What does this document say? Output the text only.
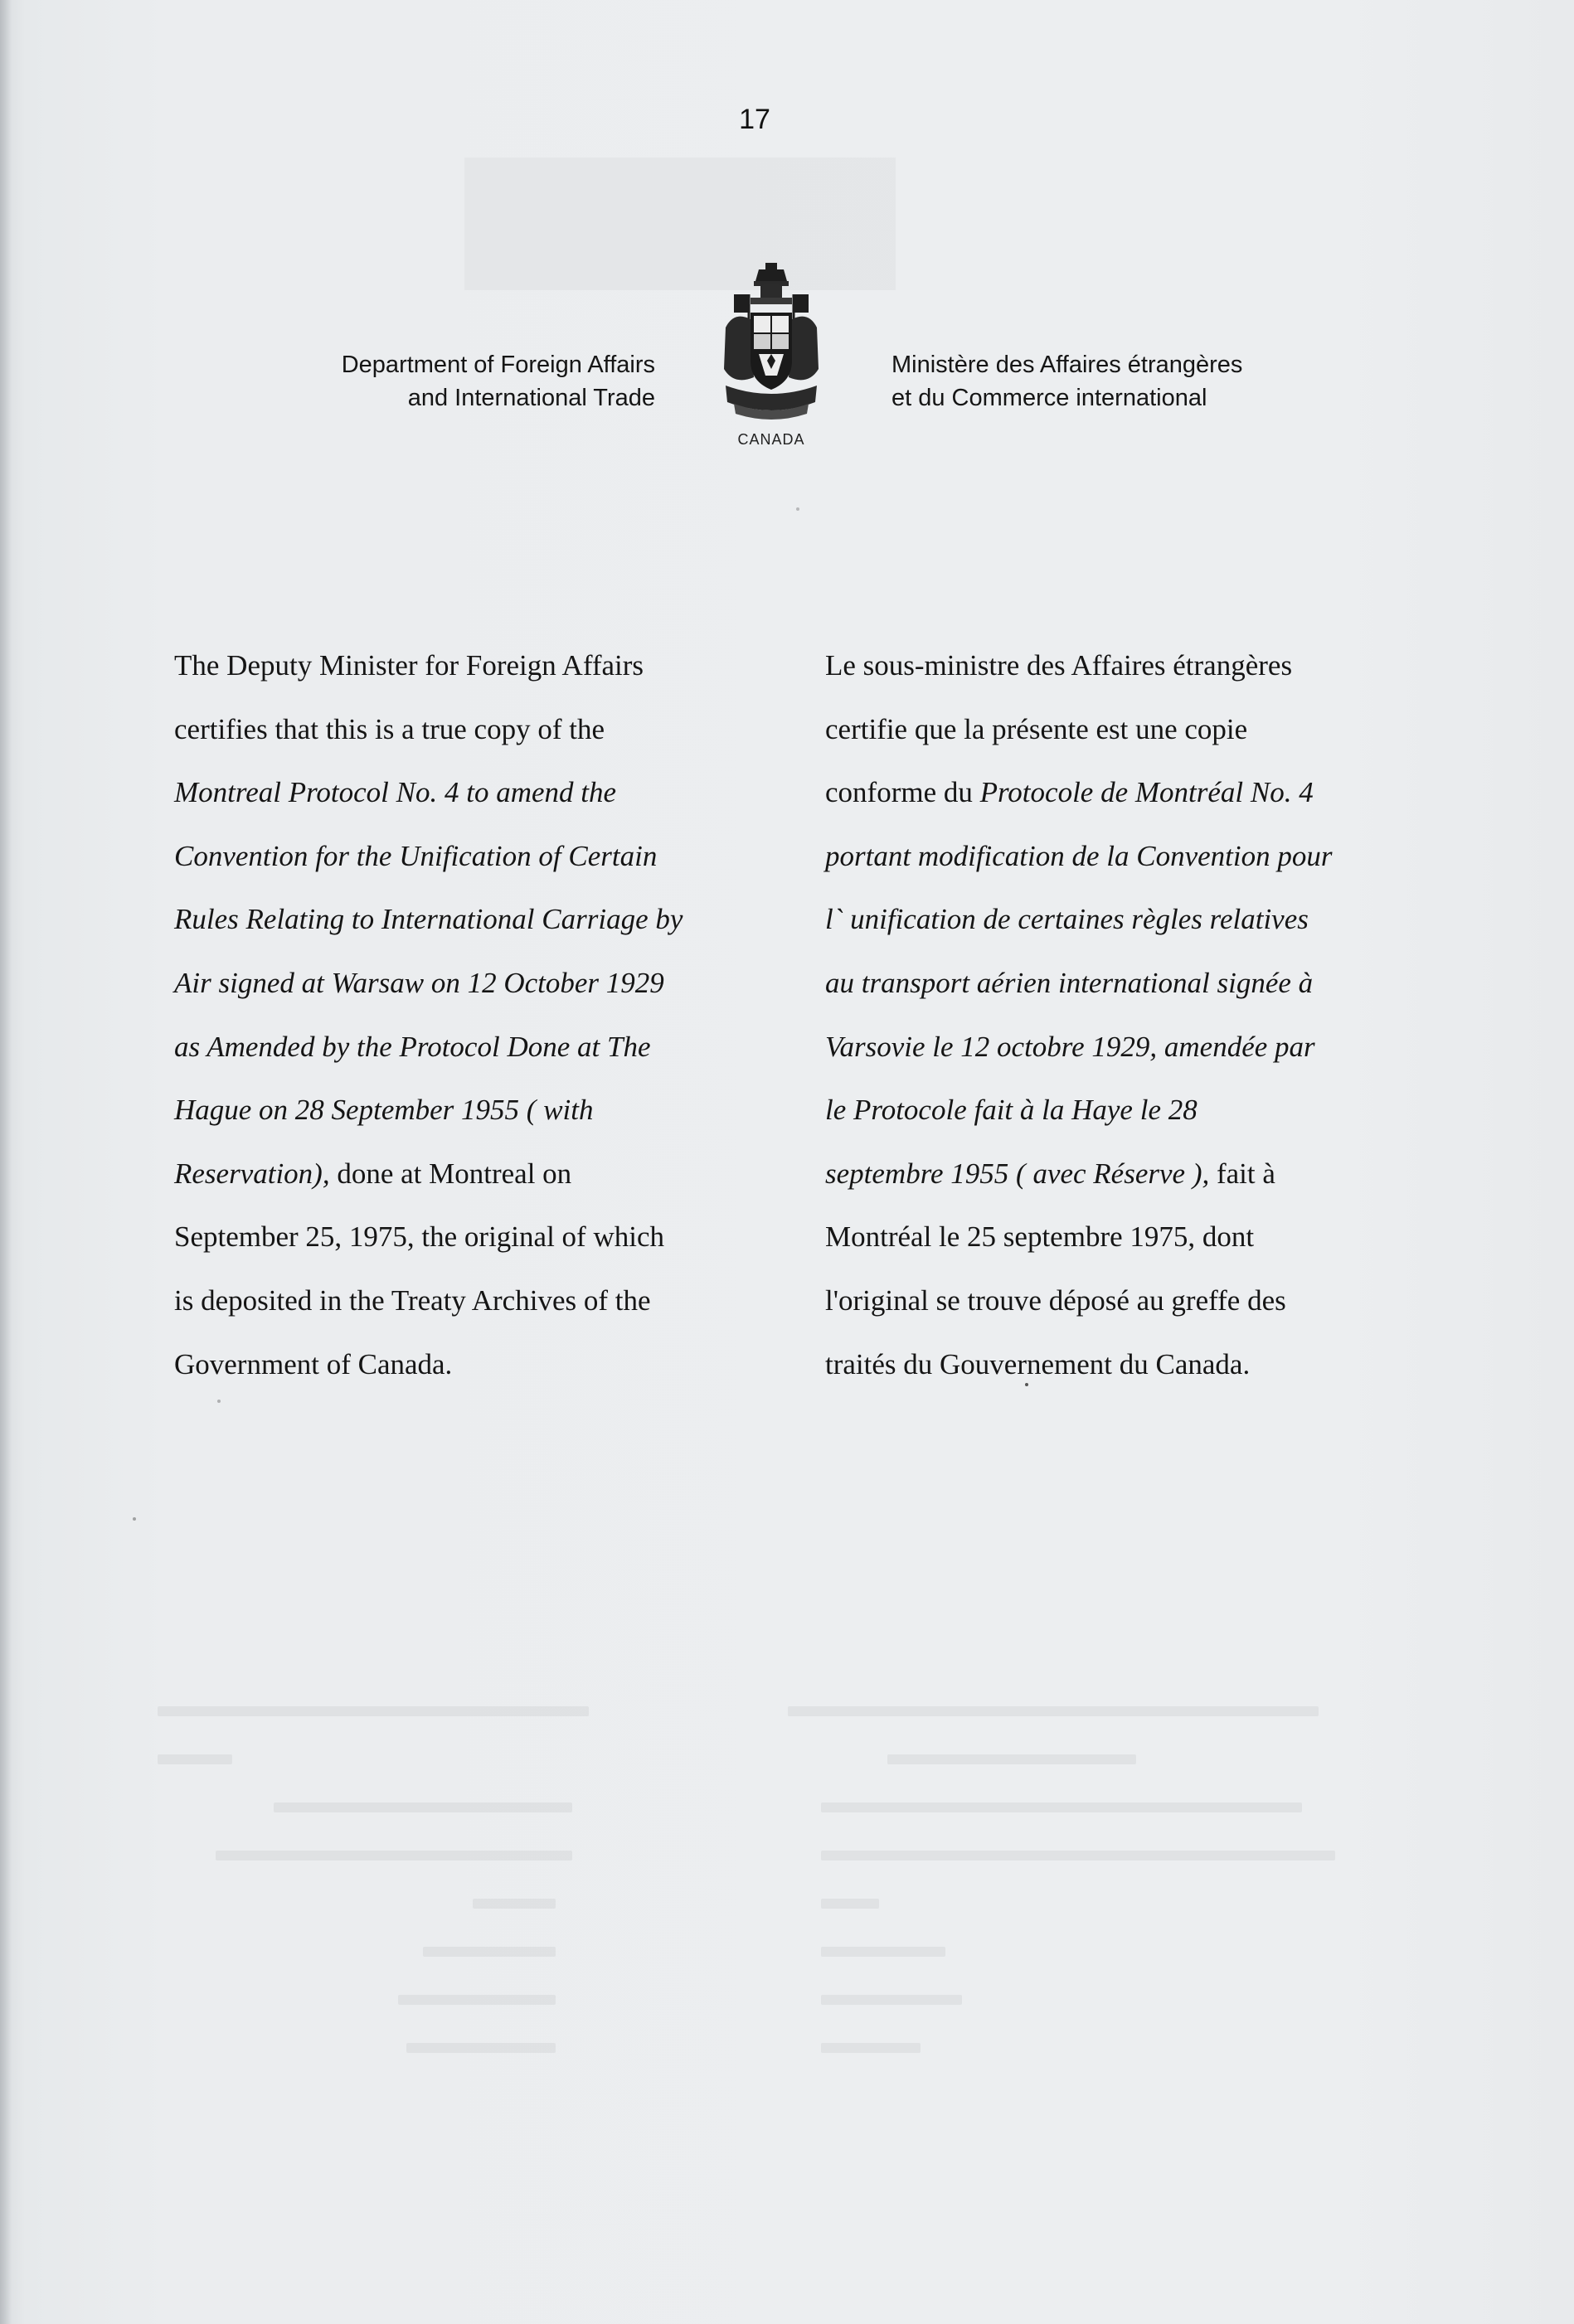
17
Department of Foreign Affairs
and International Trade
Ministère des Affaires étrangères
et du Commerce international
CANADA
The Deputy Minister for Foreign Affairs
certifies that this is a true copy of the
Montreal Protocol No. 4 to amend the
Convention for the Unification of Certain
Rules Relating to International Carriage by
Air signed at Warsaw on 12 October 1929
as Amended by the Protocol Done at The
Hague on 28 September 1955 ( with
Reservation), done at Montreal on
September 25, 1975, the original of which
is deposited in the Treaty Archives of the
Government of Canada.
Le sous-ministre des Affaires étrangères
certifie que la présente est une copie
conforme du Protocole de Montréal No. 4
portant modification de la Convention pour
l` unification de certaines règles relatives
au transport aérien international signée à
Varsovie le 12 octobre 1929, amendée par
le Protocole fait à la Haye le 28
septembre 1955 ( avec Réserve ), fait à
Montréal le 25 septembre 1975, dont
l'original se trouve déposé au greffe des
traités du Gouvernement du Canada.
